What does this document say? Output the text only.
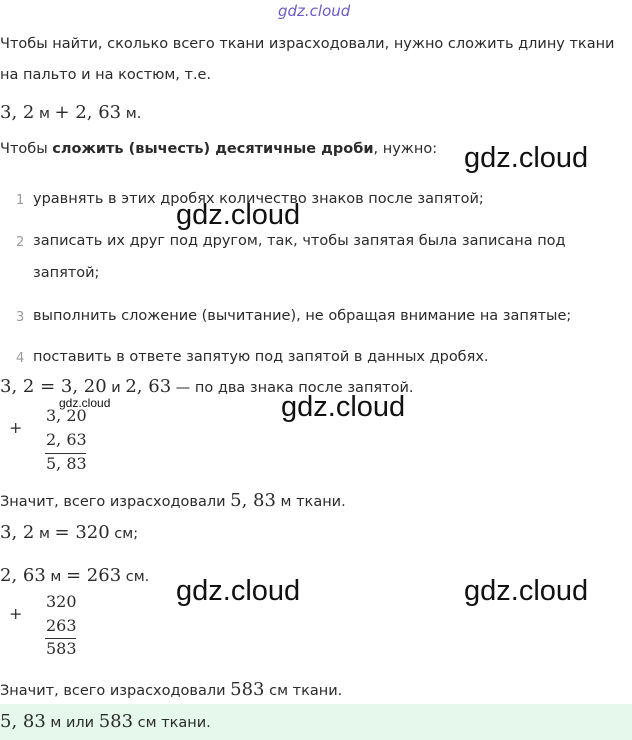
gdz.cloud
Чтобы найти, сколько всего ткани израсходовали, нужно сложить длину ткани
на пальто и на костюм, т.е.
3, 2 м + 2, 63 м.
Чтобы сложить (вычесть) десятичные дроби, нужно:
1 уравнять в этих дробях количество знаков после запятой;
2 записать их друг под другом, так, чтобы запятая была записана под
запятой;
3 выполнить сложение (вычитание), не обращая внимание на запятые;
4 поставить в ответе запятую под запятой в данных дробях.
3, 2 = 3, 20 и 2, 63 — по два знака после запятой.
+
3, 20
2, 63
5, 83
Значит, всего израсходовали 5, 83 м ткани.
3, 2 м = 320 см;
2, 63 м = 263 см.
+
320
263
583
Значит, всего израсходовали 583 см ткани.
5, 83 м или 583 см ткани.
gdz.cloud
gdz.cloud
gdz.cloud	gdz.cloud
gdz.cloud	gdz.cloud
